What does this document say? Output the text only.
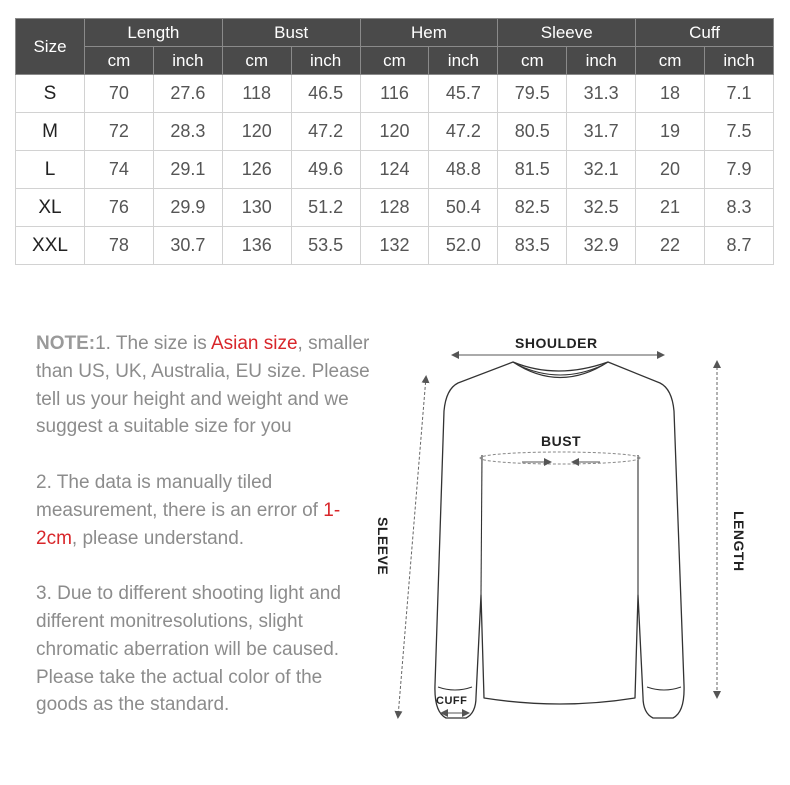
Size	Length		Bust		Hem		Sleeve		Cuff	
	cm	inch	cm	inch	cm	inch	cm	inch	cm	inch
S	70	27.6	118	46.5	116	45.7	79.5	31.3	18	7.1
M	72	28.3	120	47.2	120	47.2	80.5	31.7	19	7.5
L	74	29.1	126	49.6	124	48.8	81.5	32.1	20	7.9
XL	76	29.9	130	51.2	128	50.4	82.5	32.5	21	8.3
XXL	78	30.7	136	53.5	132	52.0	83.5	32.9	22	8.7

NOTE:1. The size is Asian size, smaller than US, UK, Australia, EU size. Please tell us your height and weight and we suggest a suitable size for you

2. The data is manually tiled measurement, there is an error of 1-2cm, please understand.

3. Due to different shooting light and different monitresolutions, slight chromatic aberration will be caused. Please take the actual color of the goods as the standard.

SHOULDER
BUST
SLEEVE	LENGTH
CUFF
